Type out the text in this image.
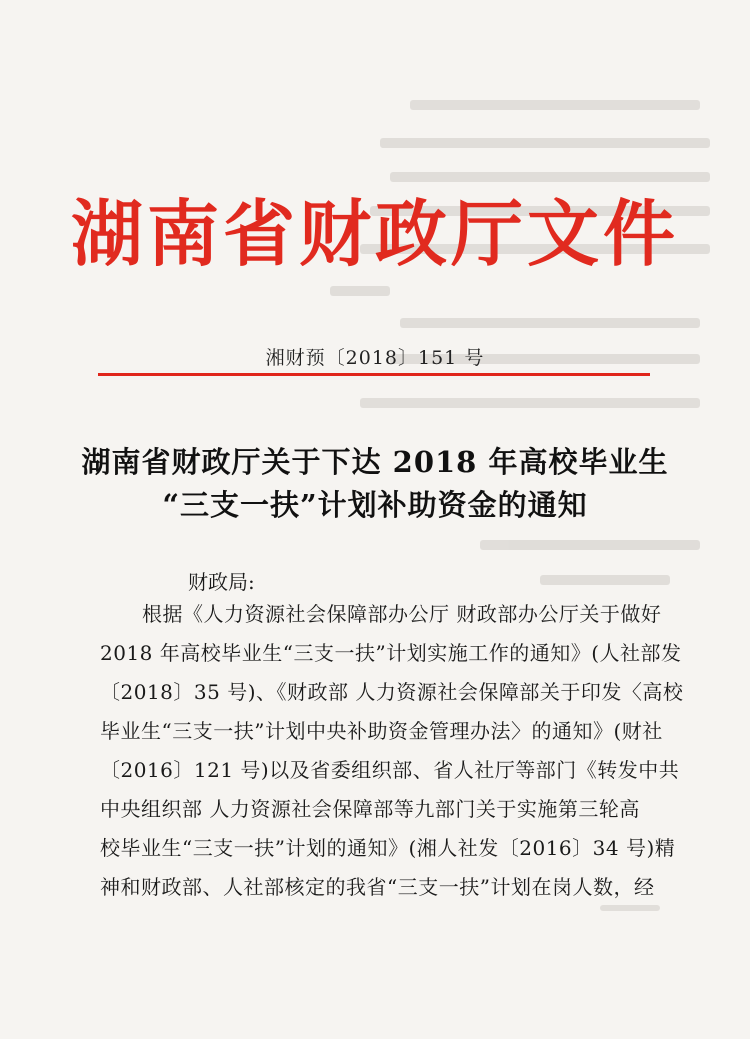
湖南省财政厅文件
湘财预〔2018〕151 号
湖南省财政厅关于下达 2018 年高校毕业生
“三支一扶”计划补助资金的通知
财政局:
根据《人力资源社会保障部办公厅 财政部办公厅关于做好
2018 年高校毕业生“三支一扶”计划实施工作的通知》(人社部发
〔2018〕35 号)、《财政部 人力资源社会保障部关于印发〈高校
毕业生“三支一扶”计划中央补助资金管理办法〉的通知》(财社
〔2016〕121 号)以及省委组织部、省人社厅等部门《转发中共
中央组织部 人力资源社会保障部等九部门关于实施第三轮高
校毕业生“三支一扶”计划的通知》(湘人社发〔2016〕34 号)精
神和财政部、人社部核定的我省“三支一扶”计划在岗人数，经
